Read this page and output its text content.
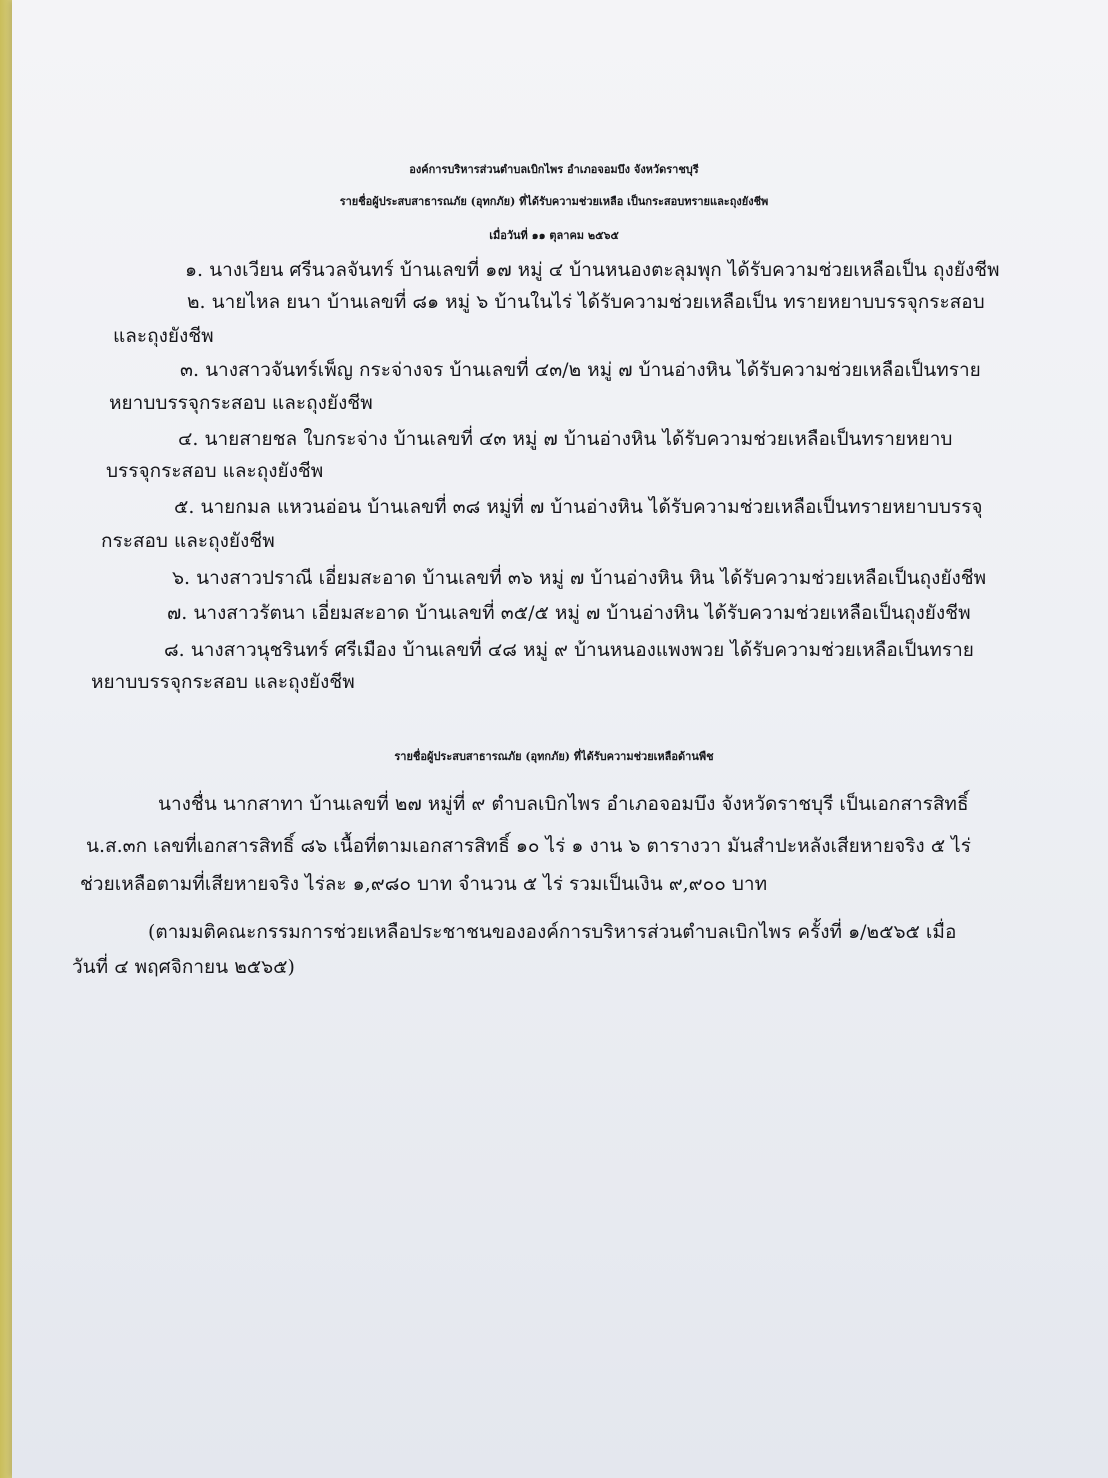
องค์การบริหารส่วนตำบลเบิกไพร อำเภอจอมบึง จังหวัดราชบุรี

รายชื่อผู้ประสบสาธารณภัย (อุทกภัย) ที่ได้รับความช่วยเหลือ เป็นกระสอบทรายและถุงยังชีพ

เมื่อวันที่ ๑๑ ตุลาคม ๒๕๖๕

๑. นางเวียน ศรีนวลจันทร์ บ้านเลขที่ ๑๗ หมู่ ๔ บ้านหนองตะลุมพุก ได้รับความช่วยเหลือเป็น ถุงยังชีพ

๒. นายไหล ยนา บ้านเลขที่ ๘๑ หมู่ ๖ บ้านในไร่ ได้รับความช่วยเหลือเป็น ทรายหยาบบรรจุกระสอบ

และถุงยังชีพ

๓. นางสาวจันทร์เพ็ญ กระจ่างจร บ้านเลขที่ ๔๓/๒ หมู่ ๗ บ้านอ่างหิน ได้รับความช่วยเหลือเป็นทราย

หยาบบรรจุกระสอบ และถุงยังชีพ

๔. นายสายชล ใบกระจ่าง บ้านเลขที่ ๔๓ หมู่ ๗ บ้านอ่างหิน ได้รับความช่วยเหลือเป็นทรายหยาบ

บรรจุกระสอบ และถุงยังชีพ

๕. นายกมล แหวนอ่อน บ้านเลขที่ ๓๘ หมู่ที่ ๗ บ้านอ่างหิน ได้รับความช่วยเหลือเป็นทรายหยาบบรรจุ

กระสอบ และถุงยังชีพ

๖. นางสาวปราณี เอี่ยมสะอาด บ้านเลขที่ ๓๖ หมู่ ๗ บ้านอ่างหิน หิน ได้รับความช่วยเหลือเป็นถุงยังชีพ

๗. นางสาวรัตนา เอี่ยมสะอาด บ้านเลขที่ ๓๕/๕ หมู่ ๗ บ้านอ่างหิน ได้รับความช่วยเหลือเป็นถุงยังชีพ

๘. นางสาวนุชรินทร์ ศรีเมือง บ้านเลขที่ ๔๘ หมู่ ๙ บ้านหนองแพงพวย ได้รับความช่วยเหลือเป็นทราย

หยาบบรรจุกระสอบ และถุงยังชีพ

รายชื่อผู้ประสบสาธารณภัย (อุทกภัย) ที่ได้รับความช่วยเหลือด้านพืช

นางชื่น นากสาทา บ้านเลขที่ ๒๗ หมู่ที่ ๙ ตำบลเบิกไพร อำเภอจอมบึง จังหวัดราชบุรี เป็นเอกสารสิทธิ์

น.ส.๓ก เลขที่เอกสารสิทธิ์ ๘๖ เนื้อที่ตามเอกสารสิทธิ์ ๑๐ ไร่ ๑ งาน ๖ ตารางวา มันสำปะหลังเสียหายจริง ๕ ไร่

ช่วยเหลือตามที่เสียหายจริง ไร่ละ ๑,๙๘๐ บาท จำนวน ๕ ไร่ รวมเป็นเงิน ๙,๙๐๐ บาท

(ตามมติคณะกรรมการช่วยเหลือประชาชนขององค์การบริหารส่วนตำบลเบิกไพร ครั้งที่ ๑/๒๕๖๕ เมื่อ

วันที่ ๔ พฤศจิกายน ๒๕๖๕)
